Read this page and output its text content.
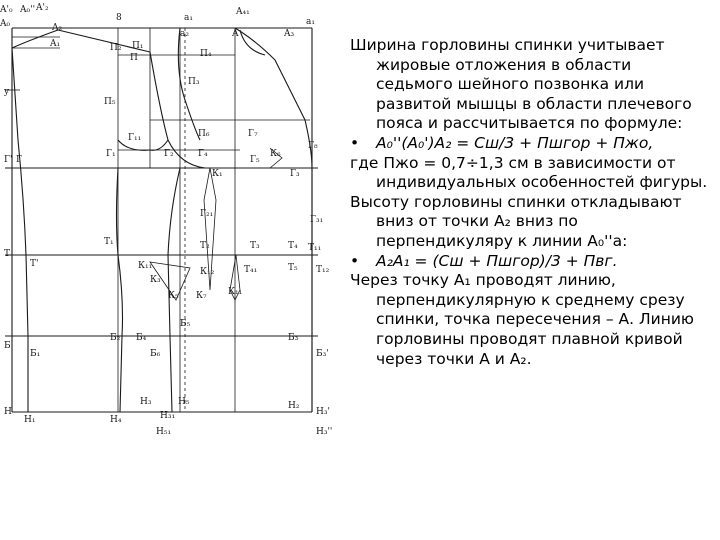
A'₀ A₀'' A'₂
8	a₁
A₄₁
a₁
A₀	A₂
A₁
a₂	A	A₃
y
П₁
П
П₂
П₄
П₃
П₅
П₆
Г₁₁	Г₇
К₆
Г₈
Г' Г
Г₁	Г₂	Г₄
К₁
Г₅
Г₃
Г₂₁
Г₃₁
Т
Т₁	Т₂	Т₃	Т₄
Т₅
Т'
Т₁₁
Т₁₂
Т₄₁
К₁₁
К₁₂
К₃
К₅ К₇ К₁₁
Б
Б₁
Б₂	Б₃
Б₄
Б₅
Б₆	Б₃'
Н
Н₁
Н₂
Н₃
Н₄
Н₅
Н₃₁
Н₅₁
Н₃'
Н₃''

Ширина горловины спинки учитывает жировые отложения в области седьмого шейного позвонка или развитой мышцы в области плечевого пояса и рассчитывается по формуле:

• A₀''(A₀')A₂ = Сш/3 + Пшгор + Пжо,

где Пжо = 0,7÷1,3 см в зависимости от индивидуальных особенностей фигуры.

Высоту горловины спинки откладывают вниз от точки А₂ вниз по перпендикуляру к линии А₀''а:

• A₂A₁ = (Сш + Пшгор)/3 + Пвг.

Через точку А₁ проводят линию, перпендикулярную к среднему срезу спинки, точка пересечения – А. Линию горловины проводят плавной кривой через точки А и А₂.
